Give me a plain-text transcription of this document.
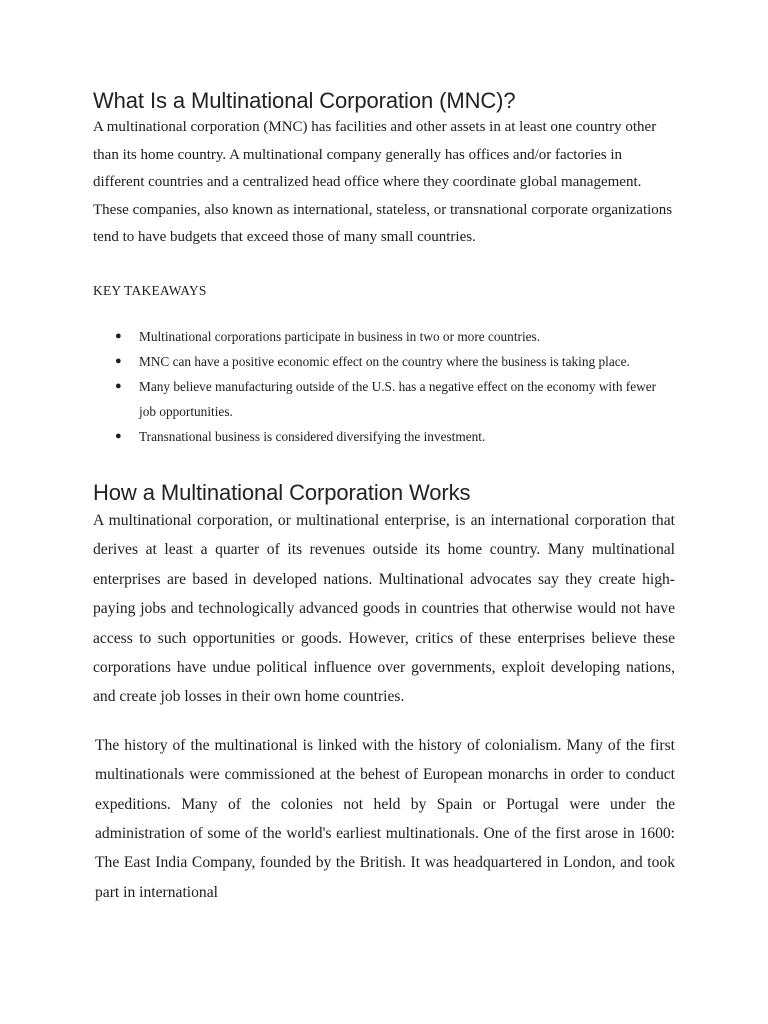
What Is a Multinational Corporation (MNC)?

A multinational corporation (MNC) has facilities and other assets in at least one country other than its home country. A multinational company generally has offices and/or factories in different countries and a centralized head office where they coordinate global management. These companies, also known as international, stateless, or transnational corporate organizations tend to have budgets that exceed those of many small countries.

KEY TAKEAWAYS
● Multinational corporations participate in business in two or more countries.
● MNC can have a positive economic effect on the country where the business is taking place.
● Many believe manufacturing outside of the U.S. has a negative effect on the economy with fewer job opportunities.
● Transnational business is considered diversifying the investment.
How a Multinational Corporation Works

A multinational corporation, or multinational enterprise, is an international corporation that derives at least a quarter of its revenues outside its home country. Many multinational enterprises are based in developed nations. Multinational advocates say they create high-paying jobs and technologically advanced goods in countries that otherwise would not have access to such opportunities or goods. However, critics of these enterprises believe these corporations have undue political influence over governments, exploit developing nations, and create job losses in their own home countries.

The history of the multinational is linked with the history of colonialism. Many of the first multinationals were commissioned at the behest of European monarchs in order to conduct expeditions. Many of the colonies not held by Spain or Portugal were under the administration of some of the world's earliest multinationals. One of the first arose in 1600: The East India Company, founded by the British. It was headquartered in London, and took part in international
